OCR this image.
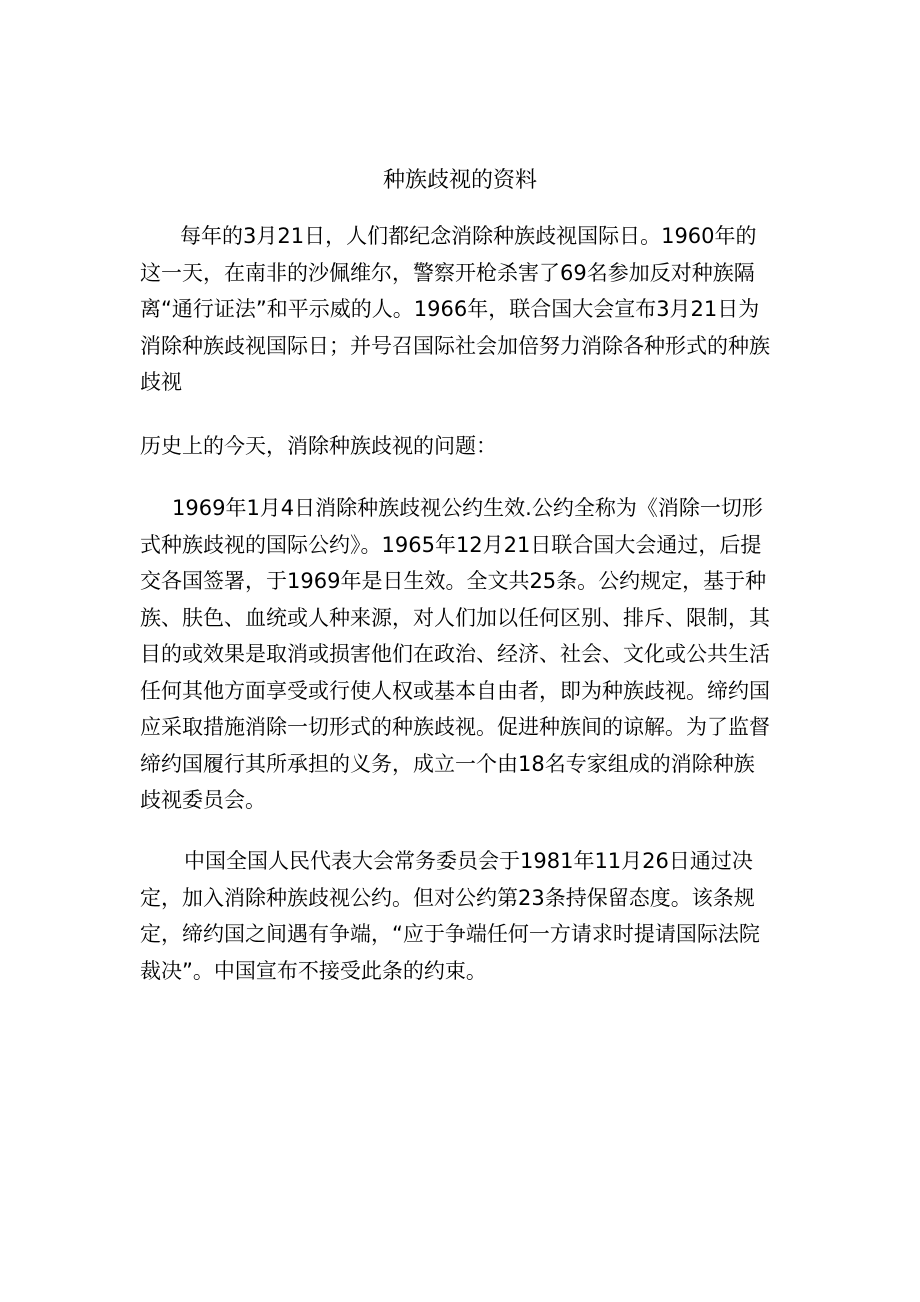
种族歧视的资料

每年的3月21日，人们都纪念消除种族歧视国际日。1960年的这一天，在南非的沙佩维尔，警察开枪杀害了69名参加反对种族隔离“通行证法”和平示威的人。1966年，联合国大会宣布3月21日为消除种族歧视国际日；并号召国际社会加倍努力消除各种形式的种族歧视

历史上的今天，消除种族歧视的问题：

1969年1月4日消除种族歧视公约生效.公约全称为《消除一切形式种族歧视的国际公约》。1965年12月21日联合国大会通过，后提交各国签署，于1969年是日生效。全文共25条。公约规定，基于种族、肤色、血统或人种来源，对人们加以任何区别、排斥、限制，其目的或效果是取消或损害他们在政治、经济、社会、文化或公共生活任何其他方面享受或行使人权或基本自由者，即为种族歧视。缔约国应采取措施消除一切形式的种族歧视。促进种族间的谅解。为了监督缔约国履行其所承担的义务，成立一个由18名专家组成的消除种族歧视委员会。

中国全国人民代表大会常务委员会于1981年11月26日通过决定，加入消除种族歧视公约。但对公约第23条持保留态度。该条规定，缔约国之间遇有争端，“应于争端任何一方请求时提请国际法院裁决”。中国宣布不接受此条的约束。
